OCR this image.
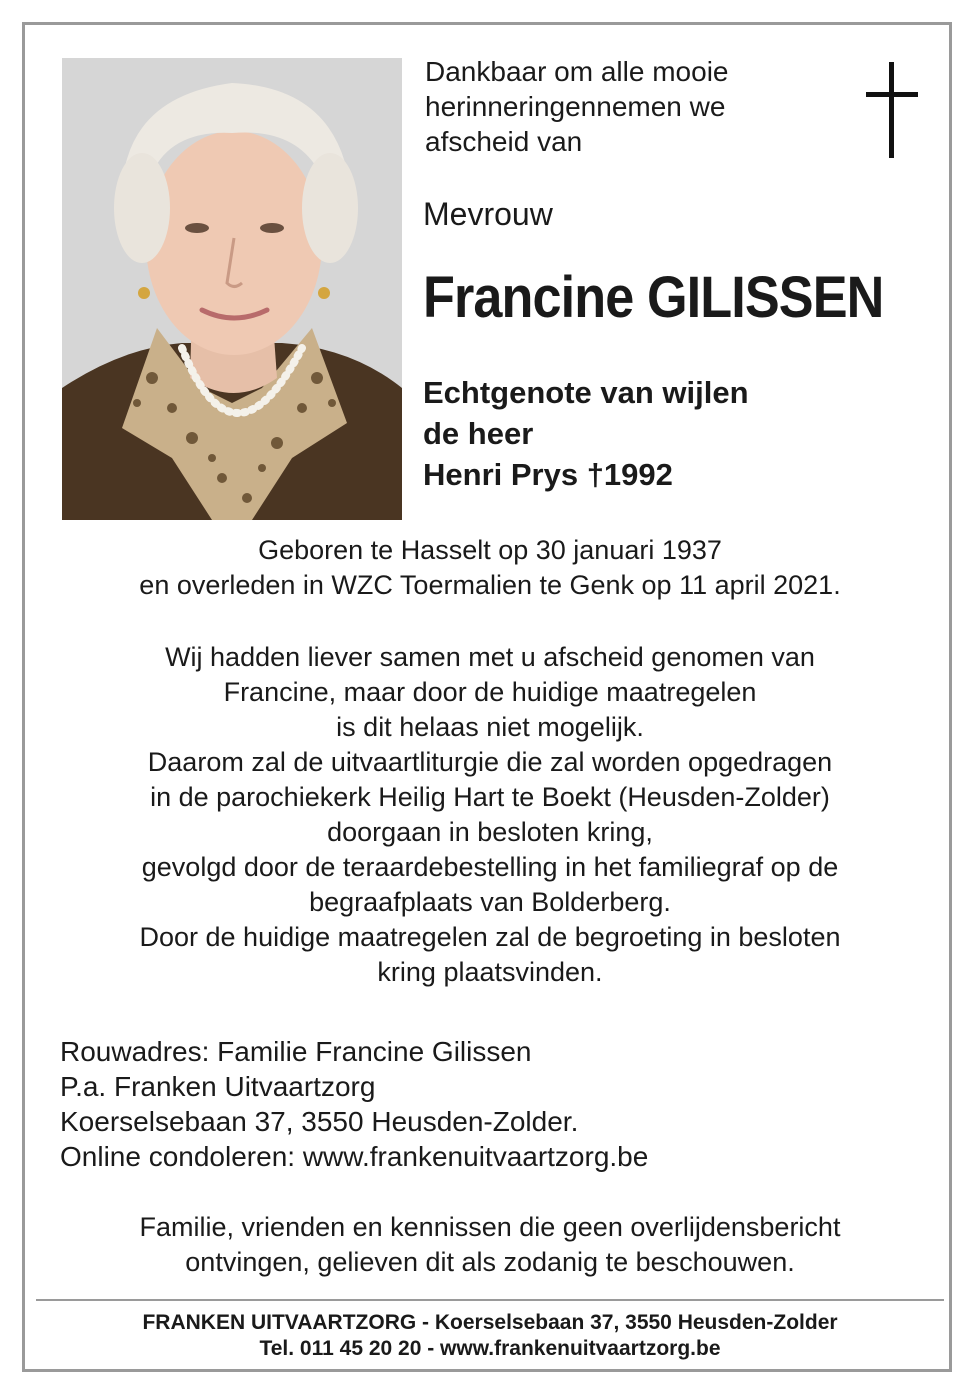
Dankbaar om alle mooie
herinneringennemen we
afscheid van
Mevrouw
Francine GILISSEN
Echtgenote van wijlen
de heer
Henri Prys †1992
Geboren te Hasselt op 30 januari 1937
en overleden in WZC Toermalien te Genk op 11 april 2021.
Wij hadden liever samen met u afscheid genomen van
Francine, maar door de huidige maatregelen
is dit helaas niet mogelijk.
Daarom zal de uitvaartliturgie die zal worden opgedragen
in de parochiekerk Heilig Hart te Boekt (Heusden-Zolder)
doorgaan in besloten kring,
gevolgd door de teraardebestelling in het familiegraf op de
begraafplaats van Bolderberg.
Door de huidige maatregelen zal de begroeting in besloten
kring plaatsvinden.
Rouwadres: Familie Francine Gilissen
P.a. Franken Uitvaartzorg
Koerselsebaan 37, 3550 Heusden-Zolder.
Online condoleren: www.frankenuitvaartzorg.be
Familie, vrienden en kennissen die geen overlijdensbericht
ontvingen, gelieven dit als zodanig te beschouwen.
FRANKEN UITVAARTZORG - Koerselsebaan 37, 3550 Heusden-Zolder
Tel. 011 45 20 20 - www.frankenuitvaartzorg.be
